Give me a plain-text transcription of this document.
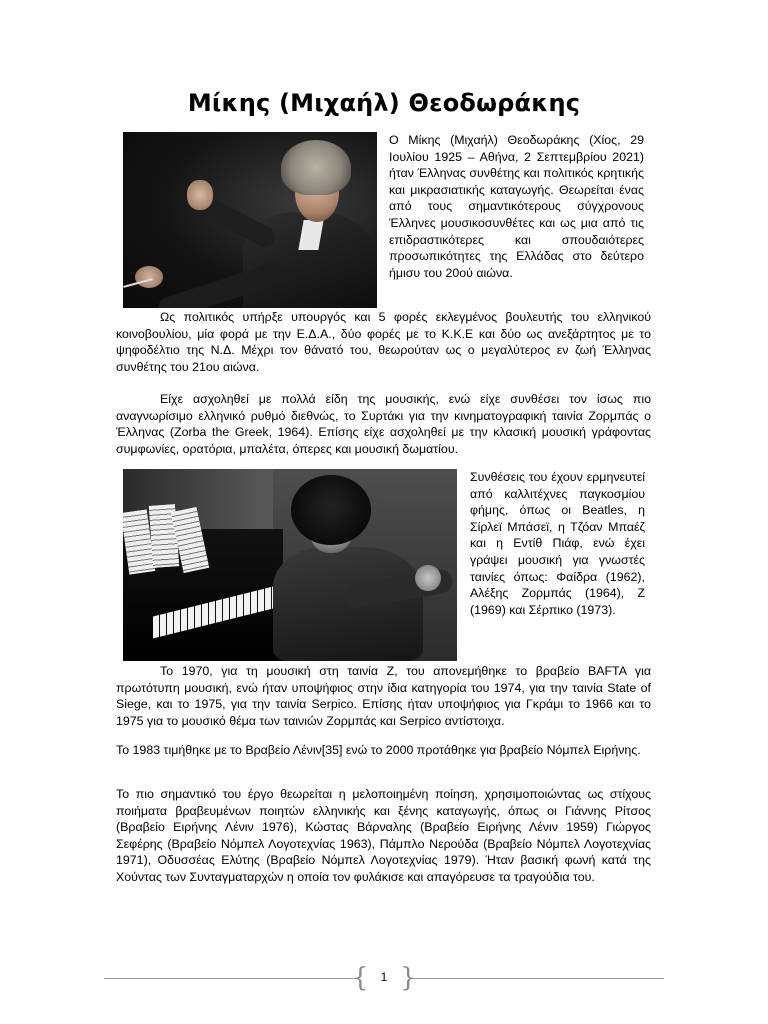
Μίκης (Μιχαήλ) Θεοδωράκης

Ο Μίκης (Μιχαήλ) Θεοδωράκης (Χίος, 29 Ιουλίου 1925 – Αθήνα, 2 Σεπτεμβρίου 2021) ήταν Έλληνας συνθέτης και πολιτικός κρητικής και μικρασιατικής καταγωγής. Θεωρείται ένας από τους σημαντικότερους σύγχρονους Έλληνες μουσικοσυνθέτες και ως μια από τις επιδραστικότερες και σπουδαιότερες προσωπικότητες της Ελλάδας στο δεύτερο ήμισυ του 20ού αιώνα.

Ως πολιτικός υπήρξε υπουργός και 5 φορές εκλεγμένος βουλευτής του ελληνικού κοινοβουλίου, μία φορά με την Ε.Δ.Α., δύο φορές με το Κ.Κ.Ε και δύο ως ανεξάρτητος με το ψηφοδέλτιο της Ν.Δ. Μέχρι τον θάνατό του, θεωρούταν ως ο μεγαλύτερος εν ζωή Έλληνας συνθέτης του 21ου αιώνα.

Είχε ασχοληθεί με πολλά είδη της μουσικής, ενώ είχε συνθέσει τον ίσως πιο αναγνωρίσιμο ελληνικό ρυθμό διεθνώς, το Συρτάκι για την κινηματογραφική ταινία Ζορμπάς ο Έλληνας (Zorba the Greek, 1964). Επίσης είχε ασχοληθεί με την κλασική μουσική γράφοντας συμφωνίες, ορατόρια, μπαλέτα, όπερες και μουσική δωματίου.

Συνθέσεις του έχουν ερμηνευτεί από καλλιτέχνες παγκοσμίου φήμης, όπως οι Beatles, η Σίρλεϊ Μπάσεϊ, η Τζόαν Μπαέζ και η Εντίθ Πιάφ, ενώ έχει γράψει μουσική για γνωστές ταινίες όπως: Φαίδρα (1962), Αλέξης Ζορμπάς (1964), Ζ (1969) και Σέρπικο (1973).

Το 1970, για τη μουσική στη ταινία Ζ, του απονεμήθηκε το βραβείο BAFTA για πρωτότυπη μουσική, ενώ ήταν υποψήφιος στην ίδια κατηγορία του 1974, για την ταινία State of Siege, και το 1975, για την ταινία Serpico. Επίσης ήταν υποψήφιος για Γκράμι το 1966 και το 1975 για το μουσικό θέμα των ταινιών Ζορμπάς και Serpico αντίστοιχα.

Το 1983 τιμήθηκε με το Βραβείο Λένιν[35] ενώ το 2000 προτάθηκε για βραβείο Νόμπελ Ειρήνης.

Το πιο σημαντικό του έργο θεωρείται η μελοποιημένη ποίηση, χρησιμοποιώντας ως στίχους ποιήματα βραβευμένων ποιητών ελληνικής και ξένης καταγωγής, όπως οι Γιάννης Ρίτσος (Βραβείο Ειρήνης Λένιν 1976), Κώστας Βάρναλης (Βραβείο Ειρήνης Λένιν 1959) Γιώργος Σεφέρης (Βραβείο Νόμπελ Λογοτεχνίας 1963), Πάμπλο Νερούδα (Βραβείο Νόμπελ Λογοτεχνίας 1971), Οδυσσέας Ελύτης (Βραβείο Νόμπελ Λογοτεχνίας 1979). Ήταν βασική φωνή κατά της Χούντας των Συνταγματαρχών η οποία τον φυλάκισε και απαγόρευσε τα τραγούδια του.

{ }
1
